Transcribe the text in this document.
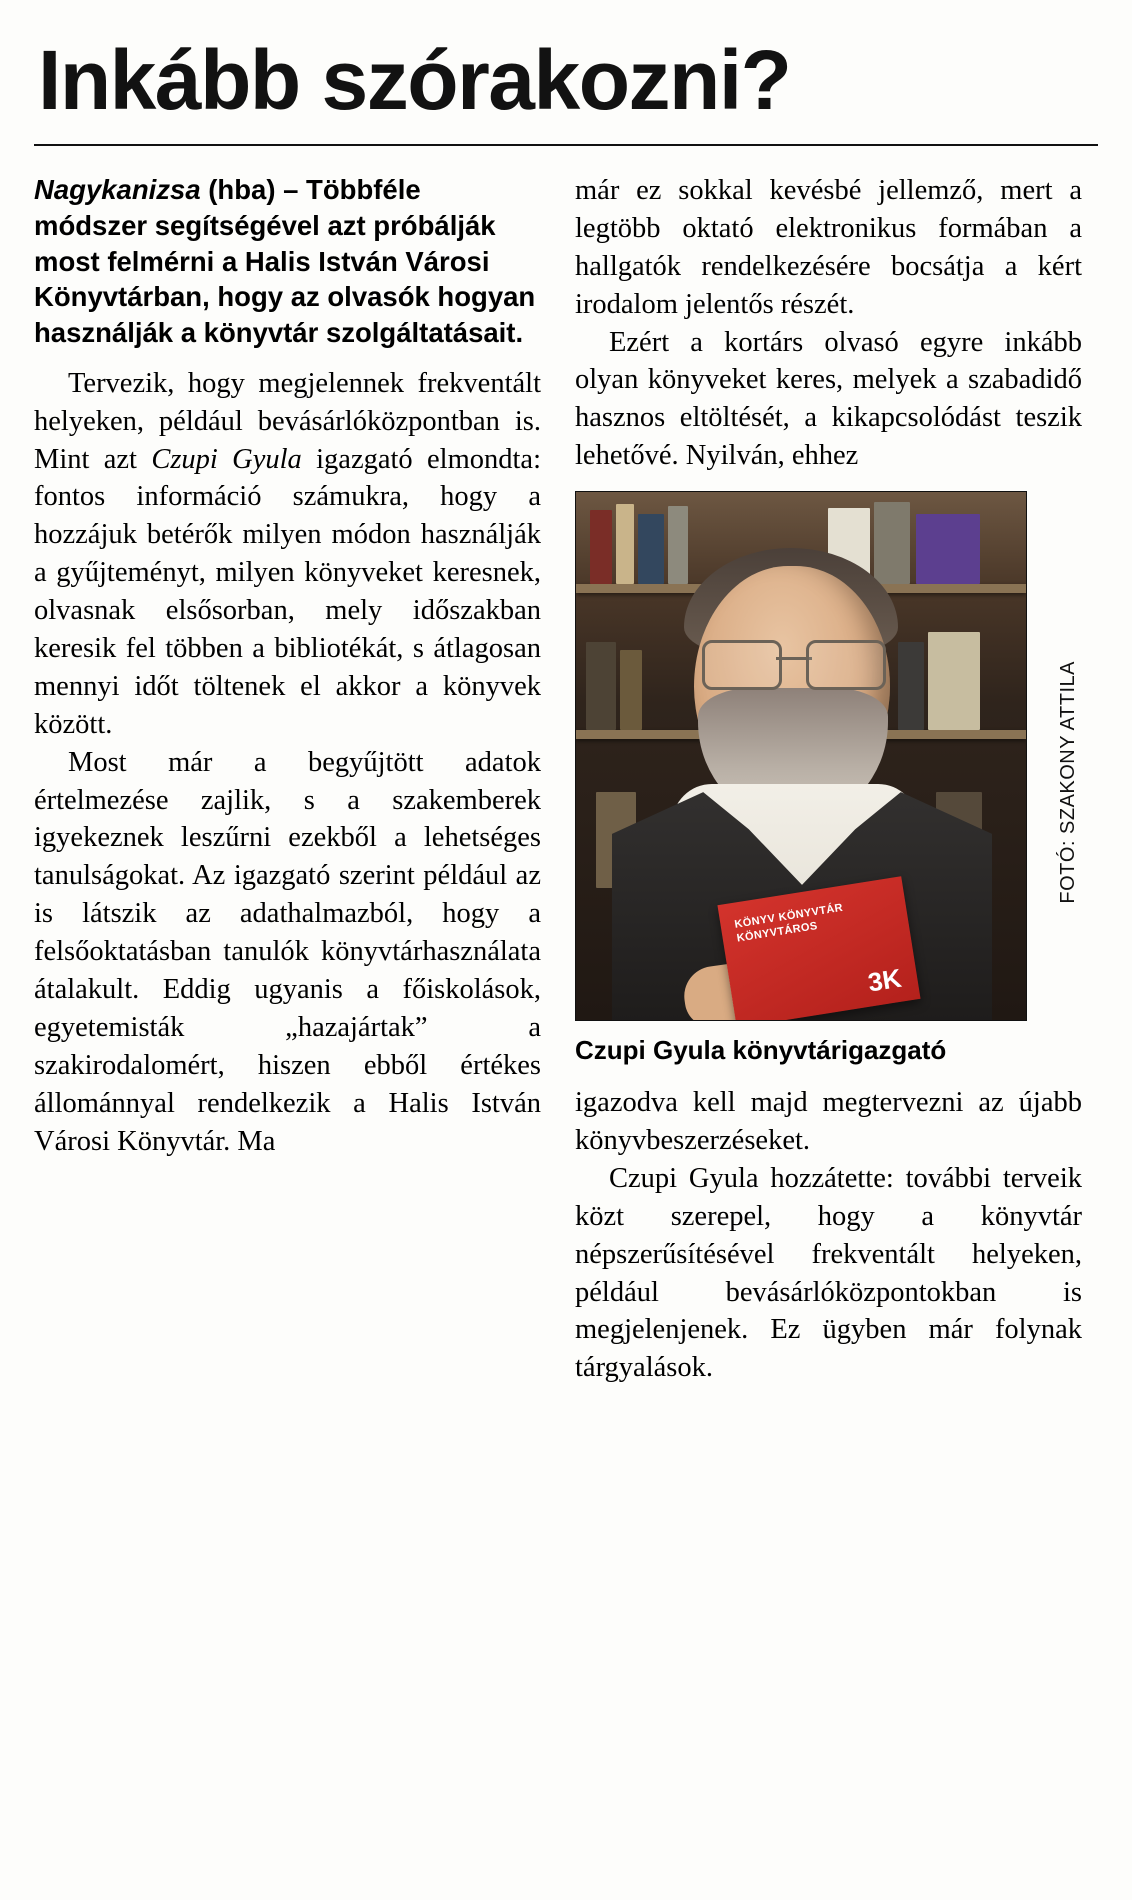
Inkább szórakozni?

Nagykanizsa (hba) – Többféle módszer segítségével azt próbálják most felmérni a Halis István Városi Könyvtárban, hogy az olvasók hogyan használják a könyvtár szolgáltatásait.

Tervezik, hogy megjelennek frekventált helyeken, például bevásárlóközpontban is. Mint azt Czupi Gyula igazgató elmondta: fontos információ számukra, hogy a hozzájuk betérők milyen módon használják a gyűjteményt, milyen könyveket keresnek, olvasnak elsősorban, mely időszakban keresik fel többen a bibliotékát, s átlagosan mennyi időt töltenek el akkor a könyvek között.

Most már a begyűjtött adatok értelmezése zajlik, s a szakemberek igyekeznek leszűrni ezekből a lehetséges tanulságokat. Az igazgató szerint például az is látszik az adathalmazból, hogy a felsőoktatásban tanulók könyvtárhasználata átalakult. Eddig ugyanis a főiskolások, egyetemisták „hazajártak” a szakirodalomért, hiszen ebből értékes állománnyal rendelkezik a Halis István Városi Könyvtár. Ma

már ez sokkal kevésbé jellemző, mert a legtöbb oktató elektronikus formában a hallgatók rendelkezésére bocsátja a kért irodalom jelentős részét.

Ezért a kortárs olvasó egyre inkább olyan könyveket keres, melyek a szabadidő hasznos eltöltését, a kikapcsolódást teszik lehetővé. Nyilván, ehhez

KÖNYV KÖNYVTÁR KÖNYVTÁROS
3K
FOTÓ: SZAKONY ATTILA
Czupi Gyula könyvtárigazgató

igazodva kell majd megtervezni az újabb könyvbeszerzéseket.

Czupi Gyula hozzátette: további terveik közt szerepel, hogy a könyvtár népszerűsítésével frekventált helyeken, például bevásárlóközpontokban is megjelenjenek. Ez ügyben már folynak tárgyalások.
